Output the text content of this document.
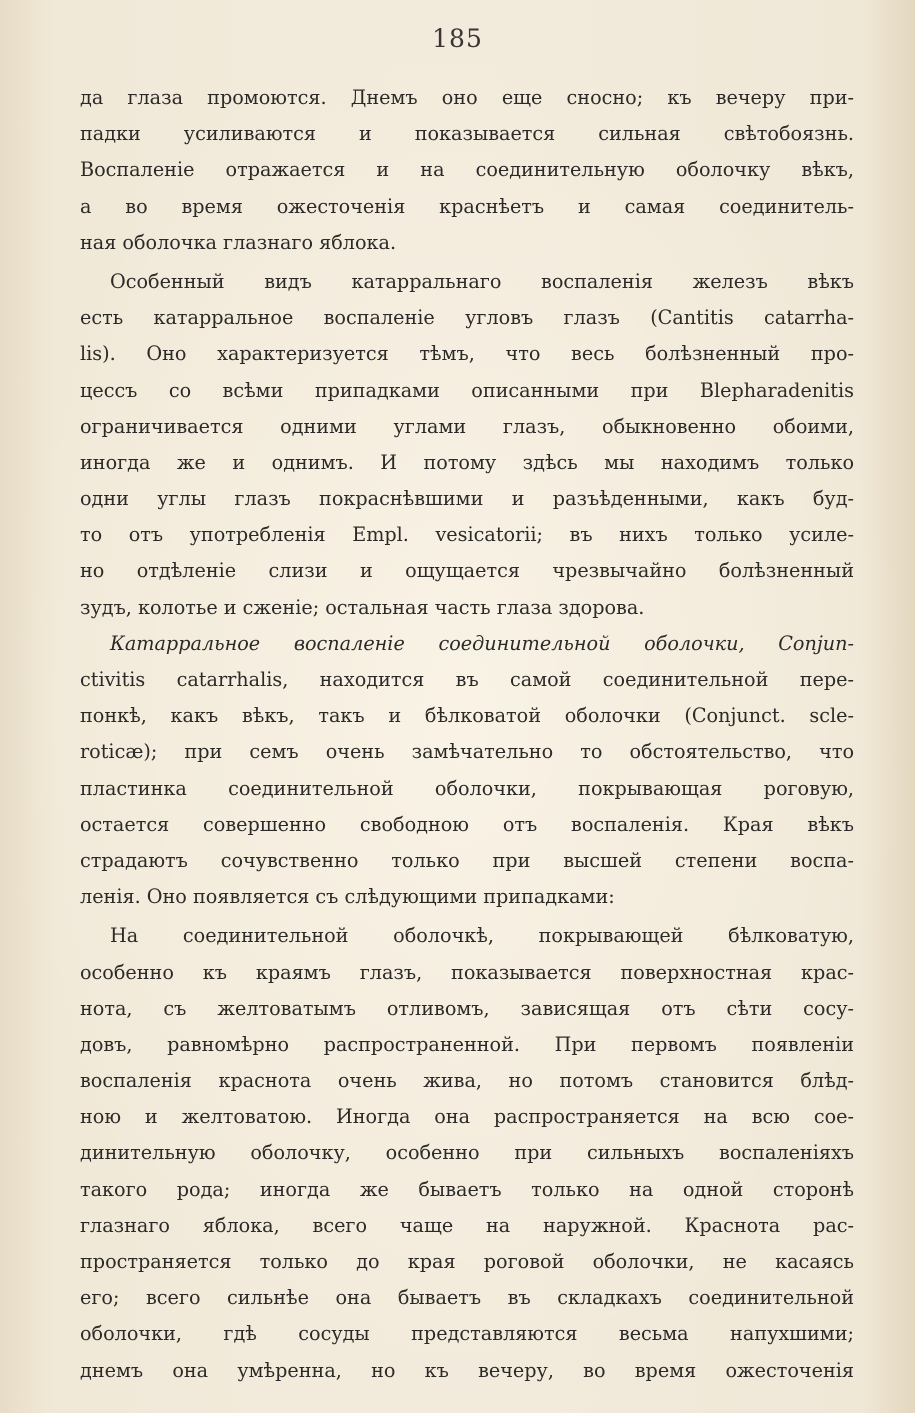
185
да глаза промоются. Днемъ оно еще сносно; къ вечеру при-
падки усиливаются и показывается сильная свѣтобоязнь.
Воспаленіе отражается и на соединительную оболочку вѣкъ,
а во время ожесточенія краснѣетъ и самая соединитель-
ная оболочка глазнаго яблока.
Особенный видъ катарральнаго воспаленія железъ вѣкъ
есть катарральное воспаленіе угловъ глазъ (Cantitis catarrha-
lis). Оно характеризуется тѣмъ, что весь болѣзненный про-
цессъ со всѣми припадками описанными при Blepharadenitis
ограничивается одними углами глазъ, обыкновенно обоими,
иногда же и однимъ. И потому здѣсь мы находимъ только
одни углы глазъ покраснѣвшими и разъѣденными, какъ буд-
то отъ употребленія Empl. vesicatorii; въ нихъ только усиле-
но отдѣленіе слизи и ощущается чрезвычайно болѣзненный
зудъ, колотье и сженіе; остальная часть глаза здорова.
Катарральное воспаленіе соединительной оболочки, Conjun-
ctivitis catarrhalis, находится въ самой соединительной пере-
понкѣ, какъ вѣкъ, такъ и бѣлковатой оболочки (Conjunct. scle-
roticæ); при семъ очень замѣчательно то обстоятельство, что
пластинка соединительной оболочки, покрывающая роговую,
остается совершенно свободною отъ воспаленія. Края вѣкъ
страдаютъ сочувственно только при высшей степени воспа-
ленія. Оно появляется съ слѣдующими припадками:
На соединительной оболочкѣ, покрывающей бѣлковатую,
особенно къ краямъ глазъ, показывается поверхностная крас-
нота, съ желтоватымъ отливомъ, зависящая отъ сѣти сосу-
довъ, равномѣрно распространенной. При первомъ появленіи
воспаленія краснота очень жива, но потомъ становится блѣд-
ною и желтоватою. Иногда она распространяется на всю сое-
динительную оболочку, особенно при сильныхъ воспаленіяхъ
такого рода; иногда же бываетъ только на одной сторонѣ
глазнаго яблока, всего чаще на наружной. Краснота рас-
пространяется только до края роговой оболочки, не касаясь
его; всего сильнѣе она бываетъ въ складкахъ соединительной
оболочки, гдѣ сосуды представляются весьма напухшими;
днемъ она умѣренна, но къ вечеру, во время ожесточенія
